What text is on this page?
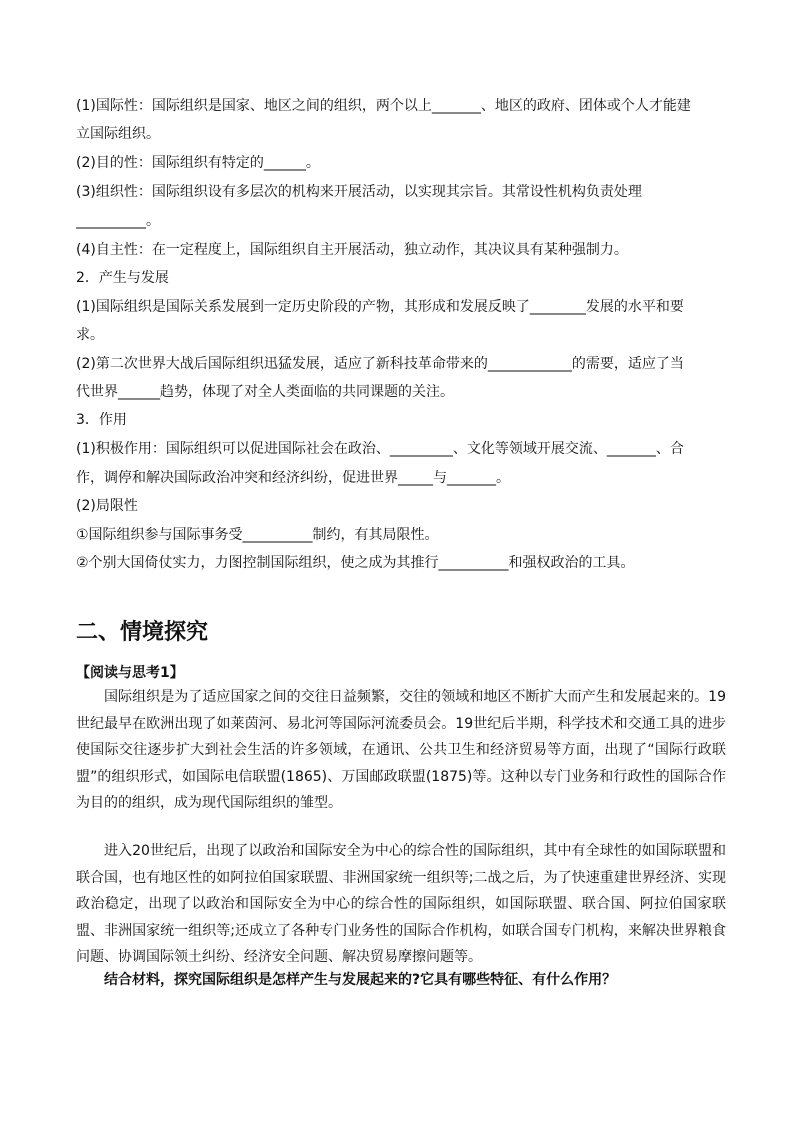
(1)国际性：国际组织是国家、地区之间的组织，两个以上_______、地区的政府、团体或个人才能建
立国际组织。
(2)目的性：国际组织有特定的______。
(3)组织性：国际组织设有多层次的机构来开展活动，以实现其宗旨。其常设性机构负责处理
__________。
(4)自主性：在一定程度上，国际组织自主开展活动，独立动作，其决议具有某种强制力。
2．产生与发展
(1)国际组织是国际关系发展到一定历史阶段的产物，其形成和发展反映了________发展的水平和要
求。
(2)第二次世界大战后国际组织迅猛发展，适应了新科技革命带来的____________的需要，适应了当
代世界______趋势，体现了对全人类面临的共同课题的关注。
3．作用
(1)积极作用：国际组织可以促进国际社会在政治、_________、文化等领域开展交流、_______、合
作，调停和解决国际政治冲突和经济纠纷，促进世界_____与_______。
(2)局限性
①国际组织参与国际事务受__________制约，有其局限性。
②个别大国倚仗实力，力图控制国际组织，使之成为其推行__________和强权政治的工具。
二、情境探究
【阅读与思考1】
国际组织是为了适应国家之间的交往日益频繁，交往的领域和地区不断扩大而产生和发展起来的。19世纪最早在欧洲出现了如莱茵河、易北河等国际河流委员会。19世纪后半期，科学技术和交通工具的进步使国际交往逐步扩大到社会生活的许多领域，在通讯、公共卫生和经济贸易等方面，出现了“国际行政联盟”的组织形式，如国际电信联盟(1865)、万国邮政联盟(1875)等。这种以专门业务和行政性的国际合作为目的的组织，成为现代国际组织的雏型。
进入20世纪后，出现了以政治和国际安全为中心的综合性的国际组织，其中有全球性的如国际联盟和联合国，也有地区性的如阿拉伯国家联盟、非洲国家统一组织等;二战之后，为了快速重建世界经济、实现政治稳定，出现了以政治和国际安全为中心的综合性的国际组织，如国际联盟、联合国、阿拉伯国家联盟、非洲国家统一组织等;还成立了各种专门业务性的国际合作机构，如联合国专门机构，来解决世界粮食问题、协调国际领土纠纷、经济安全问题、解决贸易摩擦问题等。
结合材料，探究国际组织是怎样产生与发展起来的?它具有哪些特征、有什么作用？
